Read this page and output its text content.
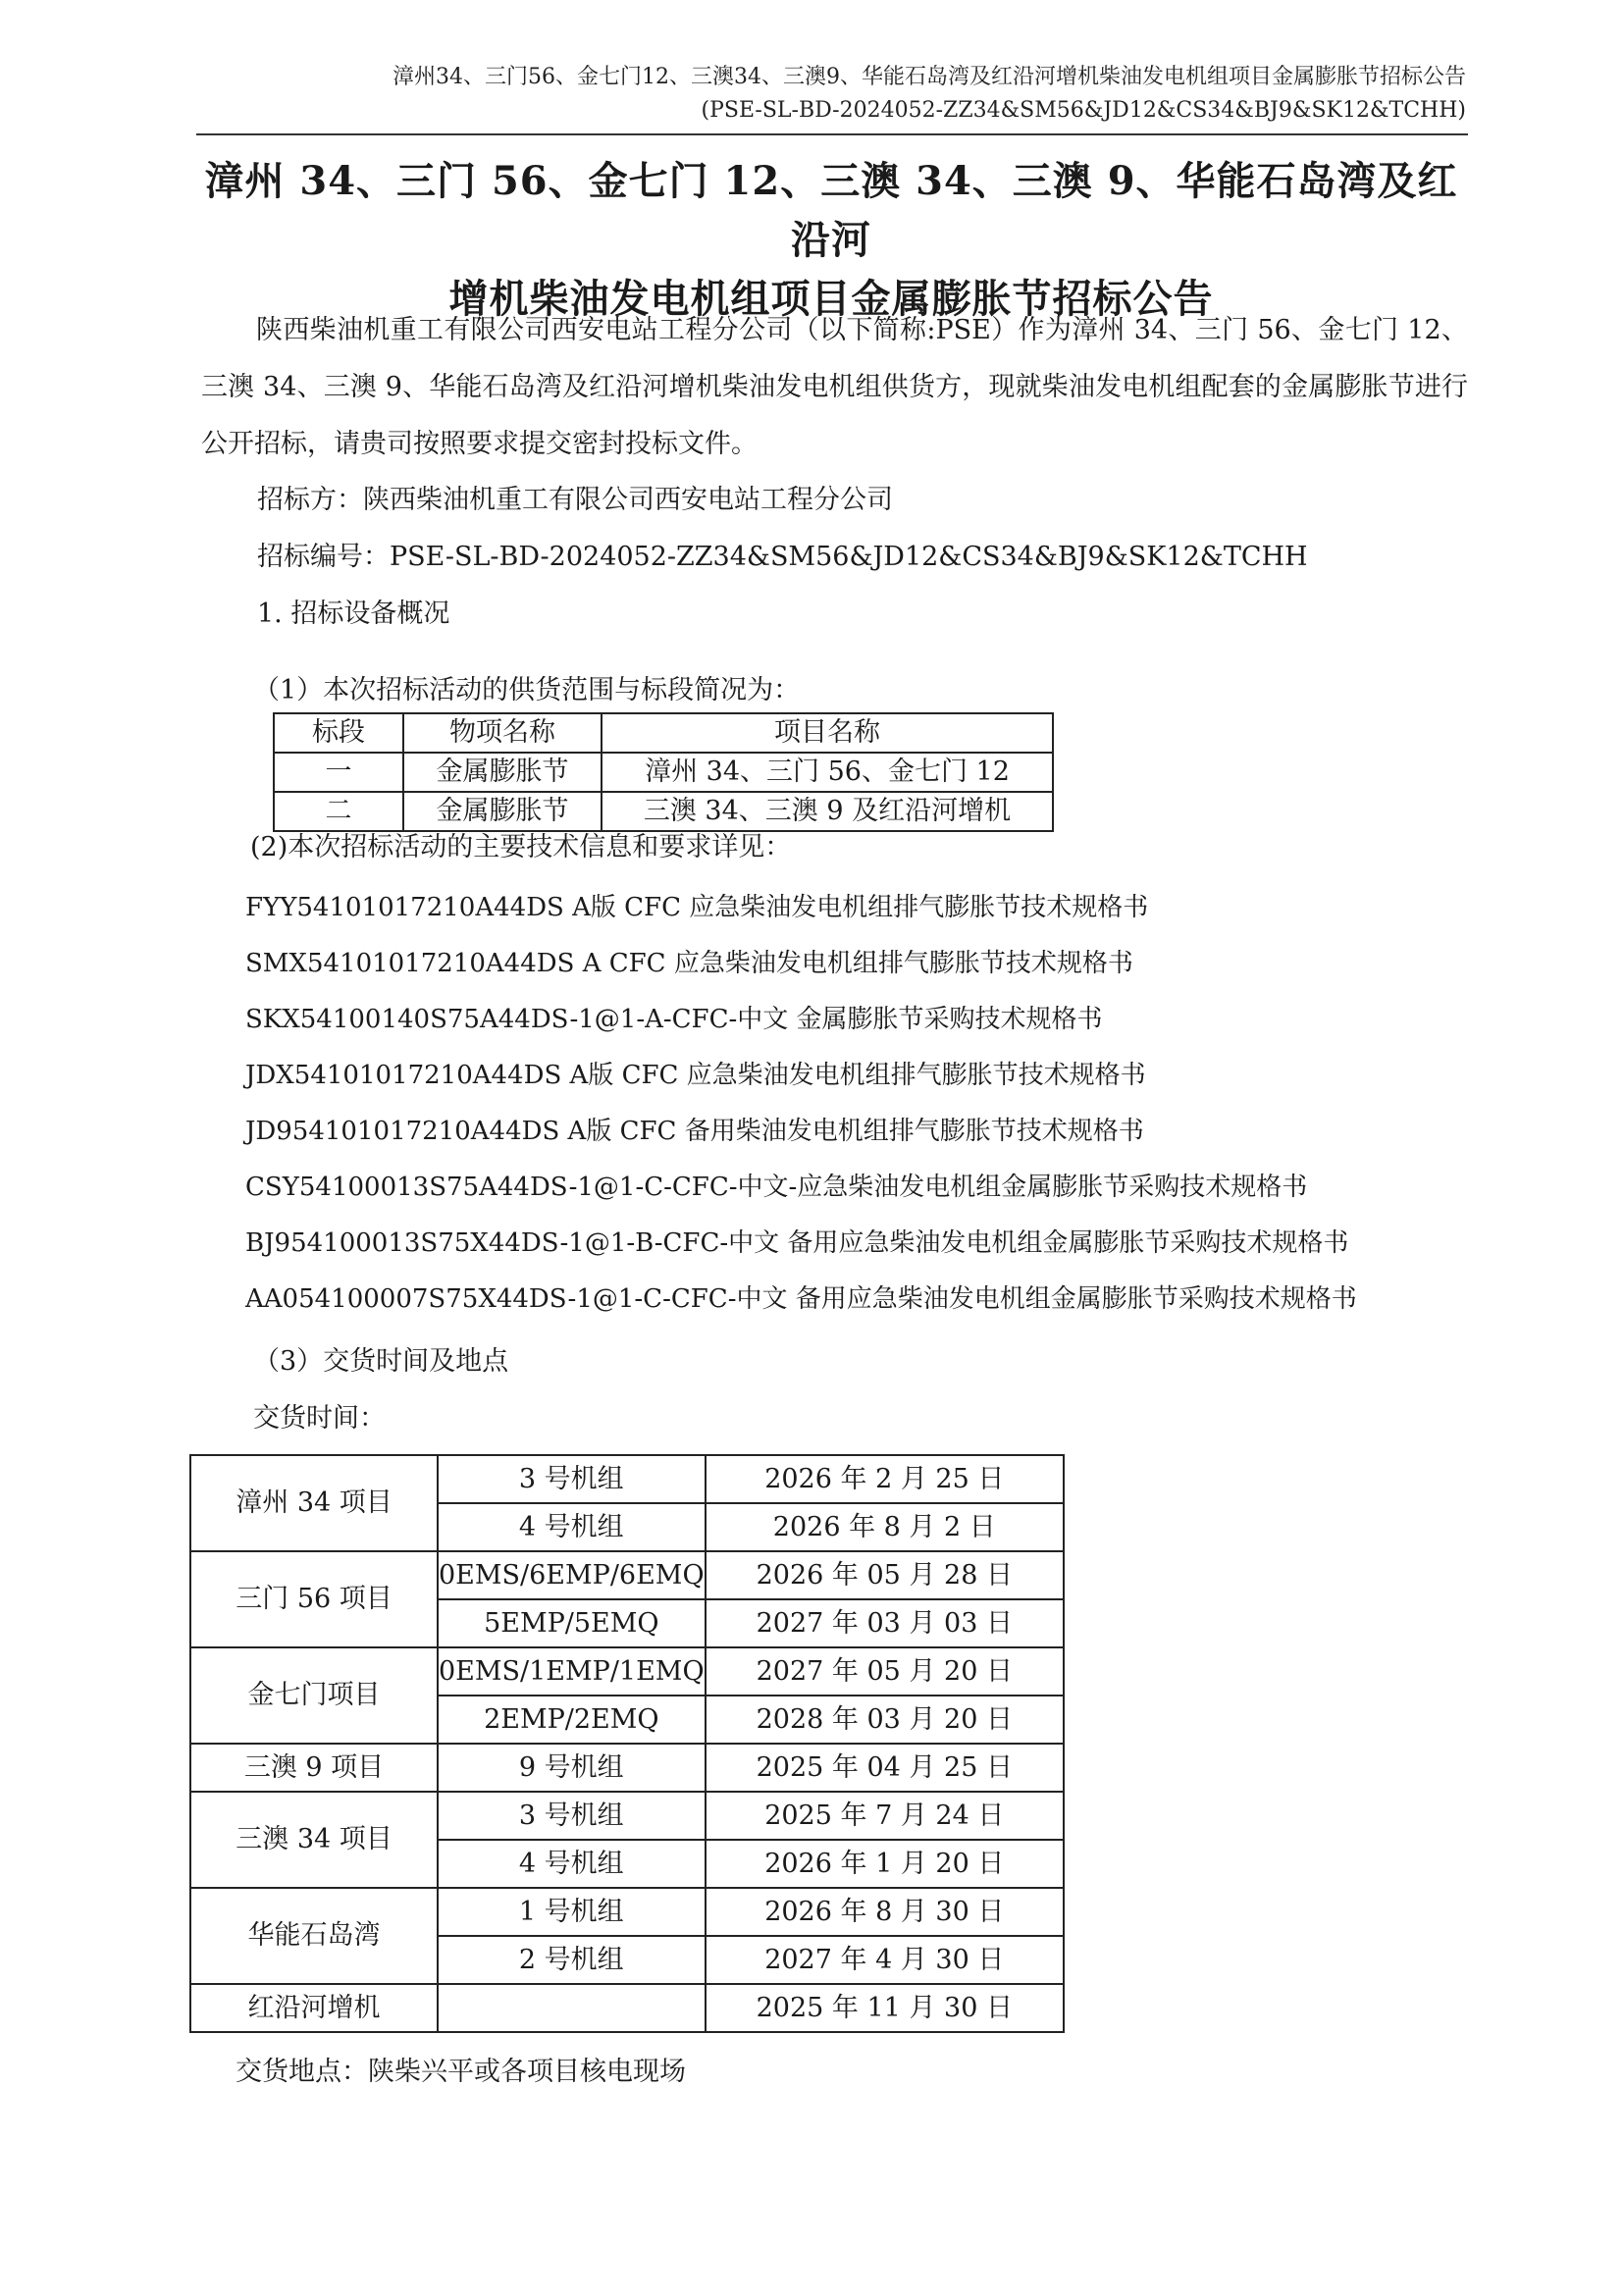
漳州34、三门56、金七门12、三澳34、三澳9、华能石岛湾及红沿河增机柴油发电机组项目金属膨胀节招标公告
(PSE-SL-BD-2024052-ZZ34&SM56&JD12&CS34&BJ9&SK12&TCHH)
漳州 34、三门 56、金七门 12、三澳 34、三澳 9、华能石岛湾及红沿河
增机柴油发电机组项目金属膨胀节招标公告
陕西柴油机重工有限公司西安电站工程分公司（以下简称:PSE）作为漳州 34、三门 56、金七门 12、三澳 34、三澳 9、华能石岛湾及红沿河增机柴油发电机组供货方，现就柴油发电机组配套的金属膨胀节进行公开招标，请贵司按照要求提交密封投标文件。
招标方：陕西柴油机重工有限公司西安电站工程分公司
招标编号：PSE-SL-BD-2024052-ZZ34&SM56&JD12&CS34&BJ9&SK12&TCHH
1. 招标设备概况
（1）本次招标活动的供货范围与标段简况为：
标段	物项名称	项目名称
一	金属膨胀节	漳州 34、三门 56、金七门 12
二	金属膨胀节	三澳 34、三澳 9 及红沿河增机
(2)本次招标活动的主要技术信息和要求详见：
FYY54101017210A44DS A版 CFC 应急柴油发电机组排气膨胀节技术规格书
SMX54101017210A44DS A CFC 应急柴油发电机组排气膨胀节技术规格书
SKX54100140S75A44DS-1@1-A-CFC-中文 金属膨胀节采购技术规格书
JDX54101017210A44DS A版 CFC 应急柴油发电机组排气膨胀节技术规格书
JD954101017210A44DS A版 CFC 备用柴油发电机组排气膨胀节技术规格书
CSY54100013S75A44DS-1@1-C-CFC-中文-应急柴油发电机组金属膨胀节采购技术规格书
BJ954100013S75X44DS-1@1-B-CFC-中文 备用应急柴油发电机组金属膨胀节采购技术规格书
AA054100007S75X44DS-1@1-C-CFC-中文 备用应急柴油发电机组金属膨胀节采购技术规格书
（3）交货时间及地点
交货时间：
漳州 34 项目	3 号机组	2026 年 2 月 25 日
	4 号机组	2026 年 8 月 2 日
三门 56 项目	0EMS/6EMP/6EMQ	2026 年 05 月 28 日
	5EMP/5EMQ	2027 年 03 月 03 日
金七门项目	0EMS/1EMP/1EMQ	2027 年 05 月 20 日
	2EMP/2EMQ	2028 年 03 月 20 日
三澳 9 项目	9 号机组	2025 年 04 月 25 日
三澳 34 项目	3 号机组	2025 年 7 月 24 日
	4 号机组	2026 年 1 月 20 日
华能石岛湾	1 号机组	2026 年 8 月 30 日
	2 号机组	2027 年 4 月 30 日
红沿河增机		2025 年 11 月 30 日
交货地点：陕柴兴平或各项目核电现场
